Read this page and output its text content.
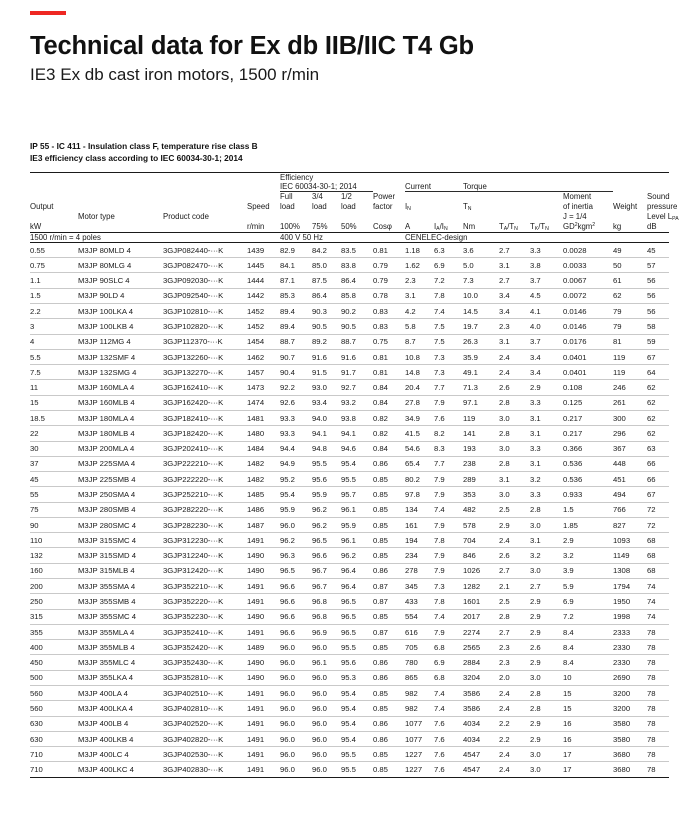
Technical data for Ex db IIB/IIC T4 Gb
IE3 Ex db cast iron motors, 1500 r/min
IP 55 - IC 411 - Insulation class F, temperature rise class B
IE3 efficiency class according to IEC 60034-30-1; 2014
				Efficiency											
				IEC 60034-30-1; 2014				Current		Torque					
				Full	3/4	1/2	Power						Moment		Sound
Output			Speed	load	load	load	factor	$I_N$		$T_N$			of inertia	Weight	pressure
	Motor type	Product code											J = 1/4		Level $L_{PA}$
kW			r/min	100%	75%	50%	Cosφ	A	$I_A/I_N$	Nm	$T_A/T_N$	$T_K/T_N$	$GD^2kgm^2$	kg	dB
1500 r/min = 4 poles				400 V 50 Hz				CENELEC-design							
0.55	M3JP 80MLD 4	3GJP082440-···K	1439	82.9	84.2	83.5	0.81	1.18	6.3	3.6	2.7	3.3	0.0028	49	45
0.75	M3JP 80MLG 4	3GJP082470-···K	1445	84.1	85.0	83.8	0.79	1.62	6.9	5.0	3.1	3.8	0.0033	50	57
1.1	M3JP 90SLC 4	3GJP092030-···K	1444	87.1	87.5	86.4	0.79	2.3	7.2	7.3	2.7	3.7	0.0067	61	56
1.5	M3JP 90LD 4	3GJP092540-···K	1442	85.3	86.4	85.8	0.78	3.1	7.8	10.0	3.4	4.5	0.0072	62	56
2.2	M3JP 100LKA 4	3GJP102810-···K	1452	89.4	90.3	90.2	0.83	4.2	7.4	14.5	3.4	4.1	0.0146	79	56
3	M3JP 100LKB 4	3GJP102820-···K	1452	89.4	90.5	90.5	0.83	5.8	7.5	19.7	2.3	4.0	0.0146	79	58
4	M3JP 112MG 4	3GJP112370-···K	1454	88.7	89.2	88.7	0.75	8.7	7.5	26.3	3.1	3.7	0.0176	81	59
5.5	M3JP 132SMF 4	3GJP132260-···K	1462	90.7	91.6	91.6	0.81	10.8	7.3	35.9	2.4	3.4	0.0401	119	67
7.5	M3JP 132SMG 4	3GJP132270-···K	1457	90.4	91.5	91.7	0.81	14.8	7.3	49.1	2.4	3.4	0.0401	119	64
11	M3JP 160MLA 4	3GJP162410-···K	1473	92.2	93.0	92.7	0.84	20.4	7.7	71.3	2.6	2.9	0.108	246	62
15	M3JP 160MLB 4	3GJP162420-···K	1474	92.6	93.4	93.2	0.84	27.8	7.9	97.1	2.8	3.3	0.125	261	62
18.5	M3JP 180MLA 4	3GJP182410-···K	1481	93.3	94.0	93.8	0.82	34.9	7.6	119	3.0	3.1	0.217	300	62
22	M3JP 180MLB 4	3GJP182420-···K	1480	93.3	94.1	94.1	0.82	41.5	8.2	141	2.8	3.1	0.217	296	62
30	M3JP 200MLA 4	3GJP202410-···K	1484	94.4	94.8	94.6	0.84	54.6	8.3	193	3.0	3.3	0.366	367	63
37	M3JP 225SMA 4	3GJP222210-···K	1482	94.9	95.5	95.4	0.86	65.4	7.7	238	2.8	3.1	0.536	448	66
45	M3JP 225SMB 4	3GJP222220-···K	1482	95.2	95.6	95.5	0.85	80.2	7.9	289	3.1	3.2	0.536	451	66
55	M3JP 250SMA 4	3GJP252210-···K	1485	95.4	95.9	95.7	0.85	97.8	7.9	353	3.0	3.3	0.933	494	67
75	M3JP 280SMB 4	3GJP282220-···K	1486	95.9	96.2	96.1	0.85	134	7.4	482	2.5	2.8	1.5	766	72
90	M3JP 280SMC 4	3GJP282230-···K	1487	96.0	96.2	95.9	0.85	161	7.9	578	2.9	3.0	1.85	827	72
110	M3JP 315SMC 4	3GJP312230-···K	1491	96.2	96.5	96.1	0.85	194	7.8	704	2.4	3.1	2.9	1093	68
132	M3JP 315SMD 4	3GJP312240-···K	1490	96.3	96.6	96.2	0.85	234	7.9	846	2.6	3.2	3.2	1149	68
160	M3JP 315MLB 4	3GJP312420-···K	1490	96.5	96.7	96.4	0.86	278	7.9	1026	2.7	3.0	3.9	1308	68
200	M3JP 355SMA 4	3GJP352210-···K	1491	96.6	96.7	96.4	0.87	345	7.3	1282	2.1	2.7	5.9	1794	74
250	M3JP 355SMB 4	3GJP352220-···K	1491	96.6	96.8	96.5	0.87	433	7.8	1601	2.5	2.9	6.9	1950	74
315	M3JP 355SMC 4	3GJP352230-···K	1490	96.6	96.8	96.5	0.85	554	7.4	2017	2.8	2.9	7.2	1998	74
355	M3JP 355MLA 4	3GJP352410-···K	1491	96.6	96.9	96.5	0.87	616	7.9	2274	2.7	2.9	8.4	2333	78
400	M3JP 355MLB 4	3GJP352420-···K	1489	96.0	96.0	95.5	0.85	705	6.8	2565	2.3	2.6	8.4	2330	78
450	M3JP 355MLC 4	3GJP352430-···K	1490	96.0	96.1	95.6	0.86	780	6.9	2884	2.3	2.9	8.4	2330	78
500	M3JP 355LKA 4	3GJP352810-···K	1490	96.0	96.0	95.3	0.86	865	6.8	3204	2.0	3.0	10	2690	78
560	M3JP 400LA 4	3GJP402510-···K	1491	96.0	96.0	95.4	0.85	982	7.4	3586	2.4	2.8	15	3200	78
560	M3JP 400LKA 4	3GJP402810-···K	1491	96.0	96.0	95.4	0.85	982	7.4	3586	2.4	2.8	15	3200	78
630	M3JP 400LB 4	3GJP402520-···K	1491	96.0	96.0	95.4	0.86	1077	7.6	4034	2.2	2.9	16	3580	78
630	M3JP 400LKB 4	3GJP402820-···K	1491	96.0	96.0	95.4	0.86	1077	7.6	4034	2.2	2.9	16	3580	78
710	M3JP 400LC 4	3GJP402530-···K	1491	96.0	96.0	95.5	0.85	1227	7.6	4547	2.4	3.0	17	3680	78
710	M3JP 400LKC 4	3GJP402830-···K	1491	96.0	96.0	95.5	0.85	1227	7.6	4547	2.4	3.0	17	3680	78
